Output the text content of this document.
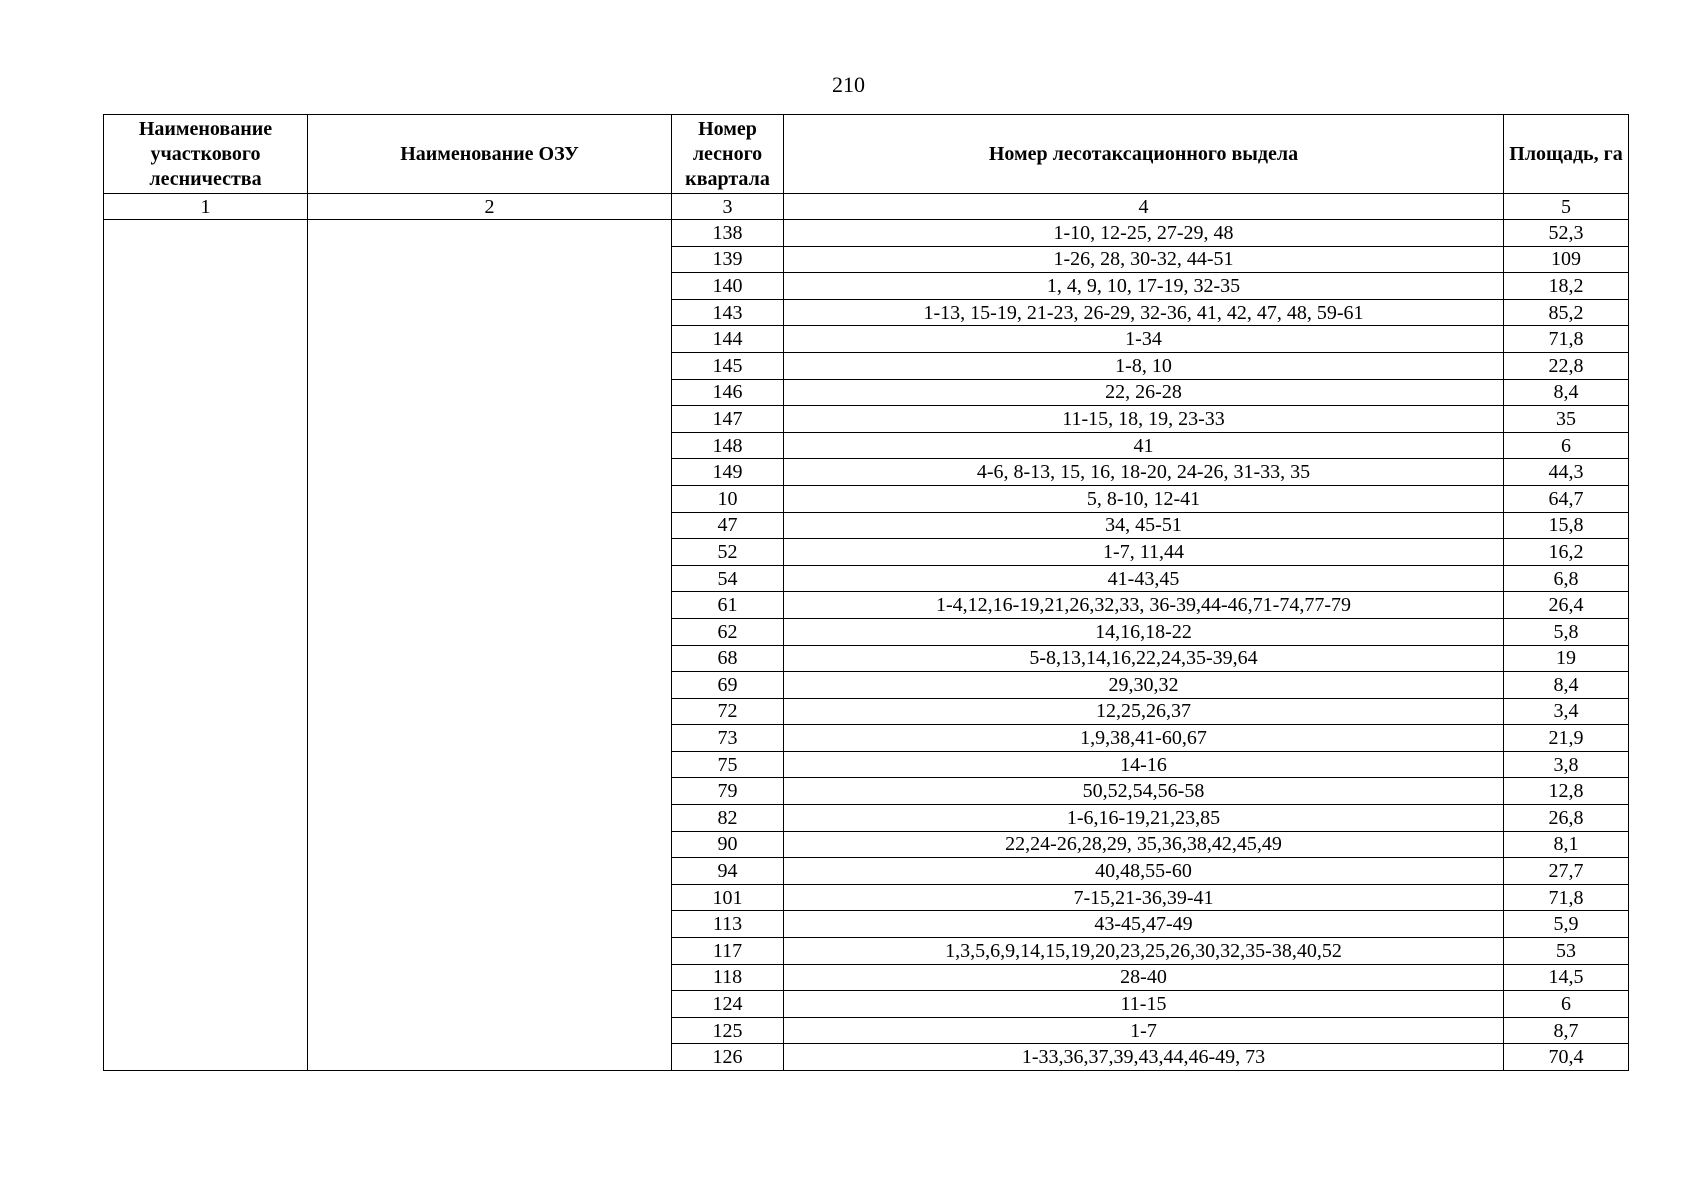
210
Наименование участкового лесничества	Наименование ОЗУ	Номер лесного квартала	Номер лесотаксационного выдела	Площадь, га
1	2	3	4	5
		138	1-10, 12-25, 27-29, 48	52,3
		139	1-26, 28, 30-32, 44-51	109
		140	1, 4, 9, 10, 17-19, 32-35	18,2
		143	1-13, 15-19, 21-23, 26-29, 32-36, 41, 42, 47, 48, 59-61	85,2
		144	1-34	71,8
		145	1-8, 10	22,8
		146	22, 26-28	8,4
		147	11-15, 18, 19, 23-33	35
		148	41	6
		149	4-6, 8-13, 15, 16, 18-20, 24-26, 31-33, 35	44,3
		10	5, 8-10, 12-41	64,7
		47	34, 45-51	15,8
		52	1-7, 11,44	16,2
		54	41-43,45	6,8
		61	1-4,12,16-19,21,26,32,33, 36-39,44-46,71-74,77-79	26,4
		62	14,16,18-22	5,8
		68	5-8,13,14,16,22,24,35-39,64	19
		69	29,30,32	8,4
		72	12,25,26,37	3,4
		73	1,9,38,41-60,67	21,9
		75	14-16	3,8
		79	50,52,54,56-58	12,8
		82	1-6,16-19,21,23,85	26,8
		90	22,24-26,28,29, 35,36,38,42,45,49	8,1
		94	40,48,55-60	27,7
		101	7-15,21-36,39-41	71,8
		113	43-45,47-49	5,9
		117	1,3,5,6,9,14,15,19,20,23,25,26,30,32,35-38,40,52	53
		118	28-40	14,5
		124	11-15	6
		125	1-7	8,7
		126	1-33,36,37,39,43,44,46-49, 73	70,4
